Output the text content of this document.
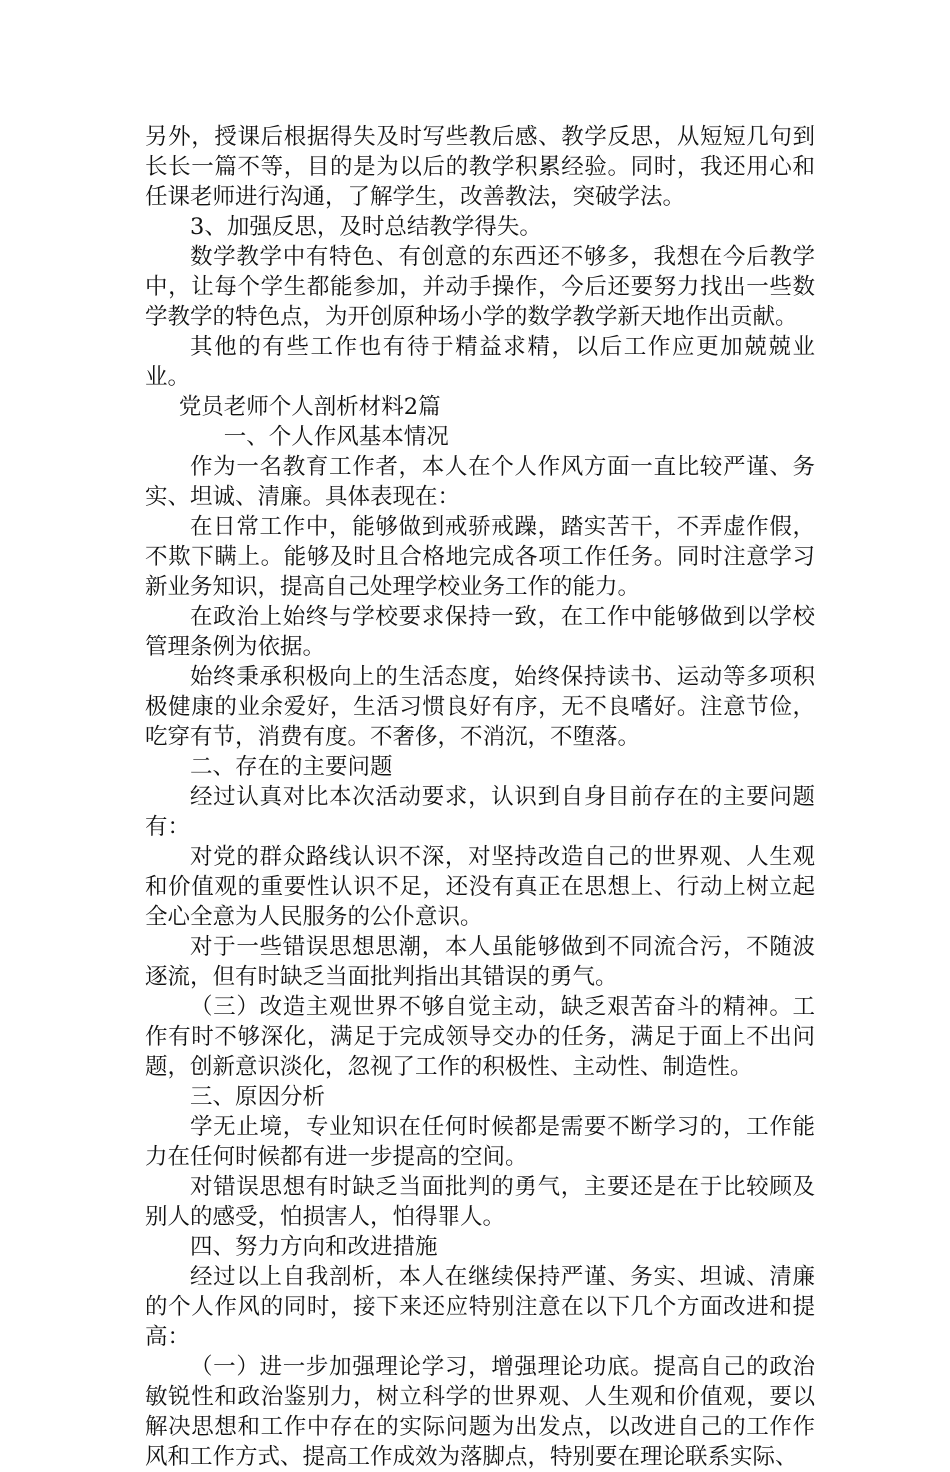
另外，授课后根据得失及时写些教后感、教学反思，从短短几句到长长一篇不等，目的是为以后的教学积累经验。同时，我还用心和任课老师进行沟通，了解学生，改善教法，突破学法。

3、加强反思，及时总结教学得失。

数学教学中有特色、有创意的东西还不够多，我想在今后教学中，让每个学生都能参加，并动手操作，今后还要努力找出一些数学教学的特色点，为开创原种场小学的数学教学新天地作出贡献。

其他的有些工作也有待于精益求精，以后工作应更加兢兢业业。

党员老师个人剖析材料2篇

一、个人作风基本情况

作为一名教育工作者，本人在个人作风方面一直比较严谨、务实、坦诚、清廉。具体表现在：

在日常工作中，能够做到戒骄戒躁，踏实苦干，不弄虚作假，不欺下瞒上。能够及时且合格地完成各项工作任务。同时注意学习新业务知识，提高自己处理学校业务工作的能力。

在政治上始终与学校要求保持一致，在工作中能够做到以学校管理条例为依据。

始终秉承积极向上的生活态度，始终保持读书、运动等多项积极健康的业余爱好，生活习惯良好有序，无不良嗜好。注意节俭，吃穿有节，消费有度。不奢侈，不消沉，不堕落。

二、存在的主要问题

经过认真对比本次活动要求，认识到自身目前存在的主要问题有：

对党的群众路线认识不深，对坚持改造自己的世界观、人生观和价值观的重要性认识不足，还没有真正在思想上、行动上树立起全心全意为人民服务的公仆意识。

对于一些错误思想思潮，本人虽能够做到不同流合污，不随波逐流，但有时缺乏当面批判指出其错误的勇气。

（三）改造主观世界不够自觉主动，缺乏艰苦奋斗的精神。工作有时不够深化，满足于完成领导交办的任务，满足于面上不出问题，创新意识淡化，忽视了工作的积极性、主动性、制造性。

三、原因分析

学无止境，专业知识在任何时候都是需要不断学习的，工作能力在任何时候都有进一步提高的空间。

对错误思想有时缺乏当面批判的勇气，主要还是在于比较顾及别人的感受，怕损害人，怕得罪人。

四、努力方向和改进措施

经过以上自我剖析，本人在继续保持严谨、务实、坦诚、清廉的个人作风的同时，接下来还应特别注意在以下几个方面改进和提高：

（一）进一步加强理论学习，增强理论功底。提高自己的政治敏锐性和政治鉴别力，树立科学的世界观、人生观和价值观，要以解决思想和工作中存在的实际问题为出发点，以改进自己的工作作风和工作方式、提高工作成效为落脚点，特别要在理论联系实际、
